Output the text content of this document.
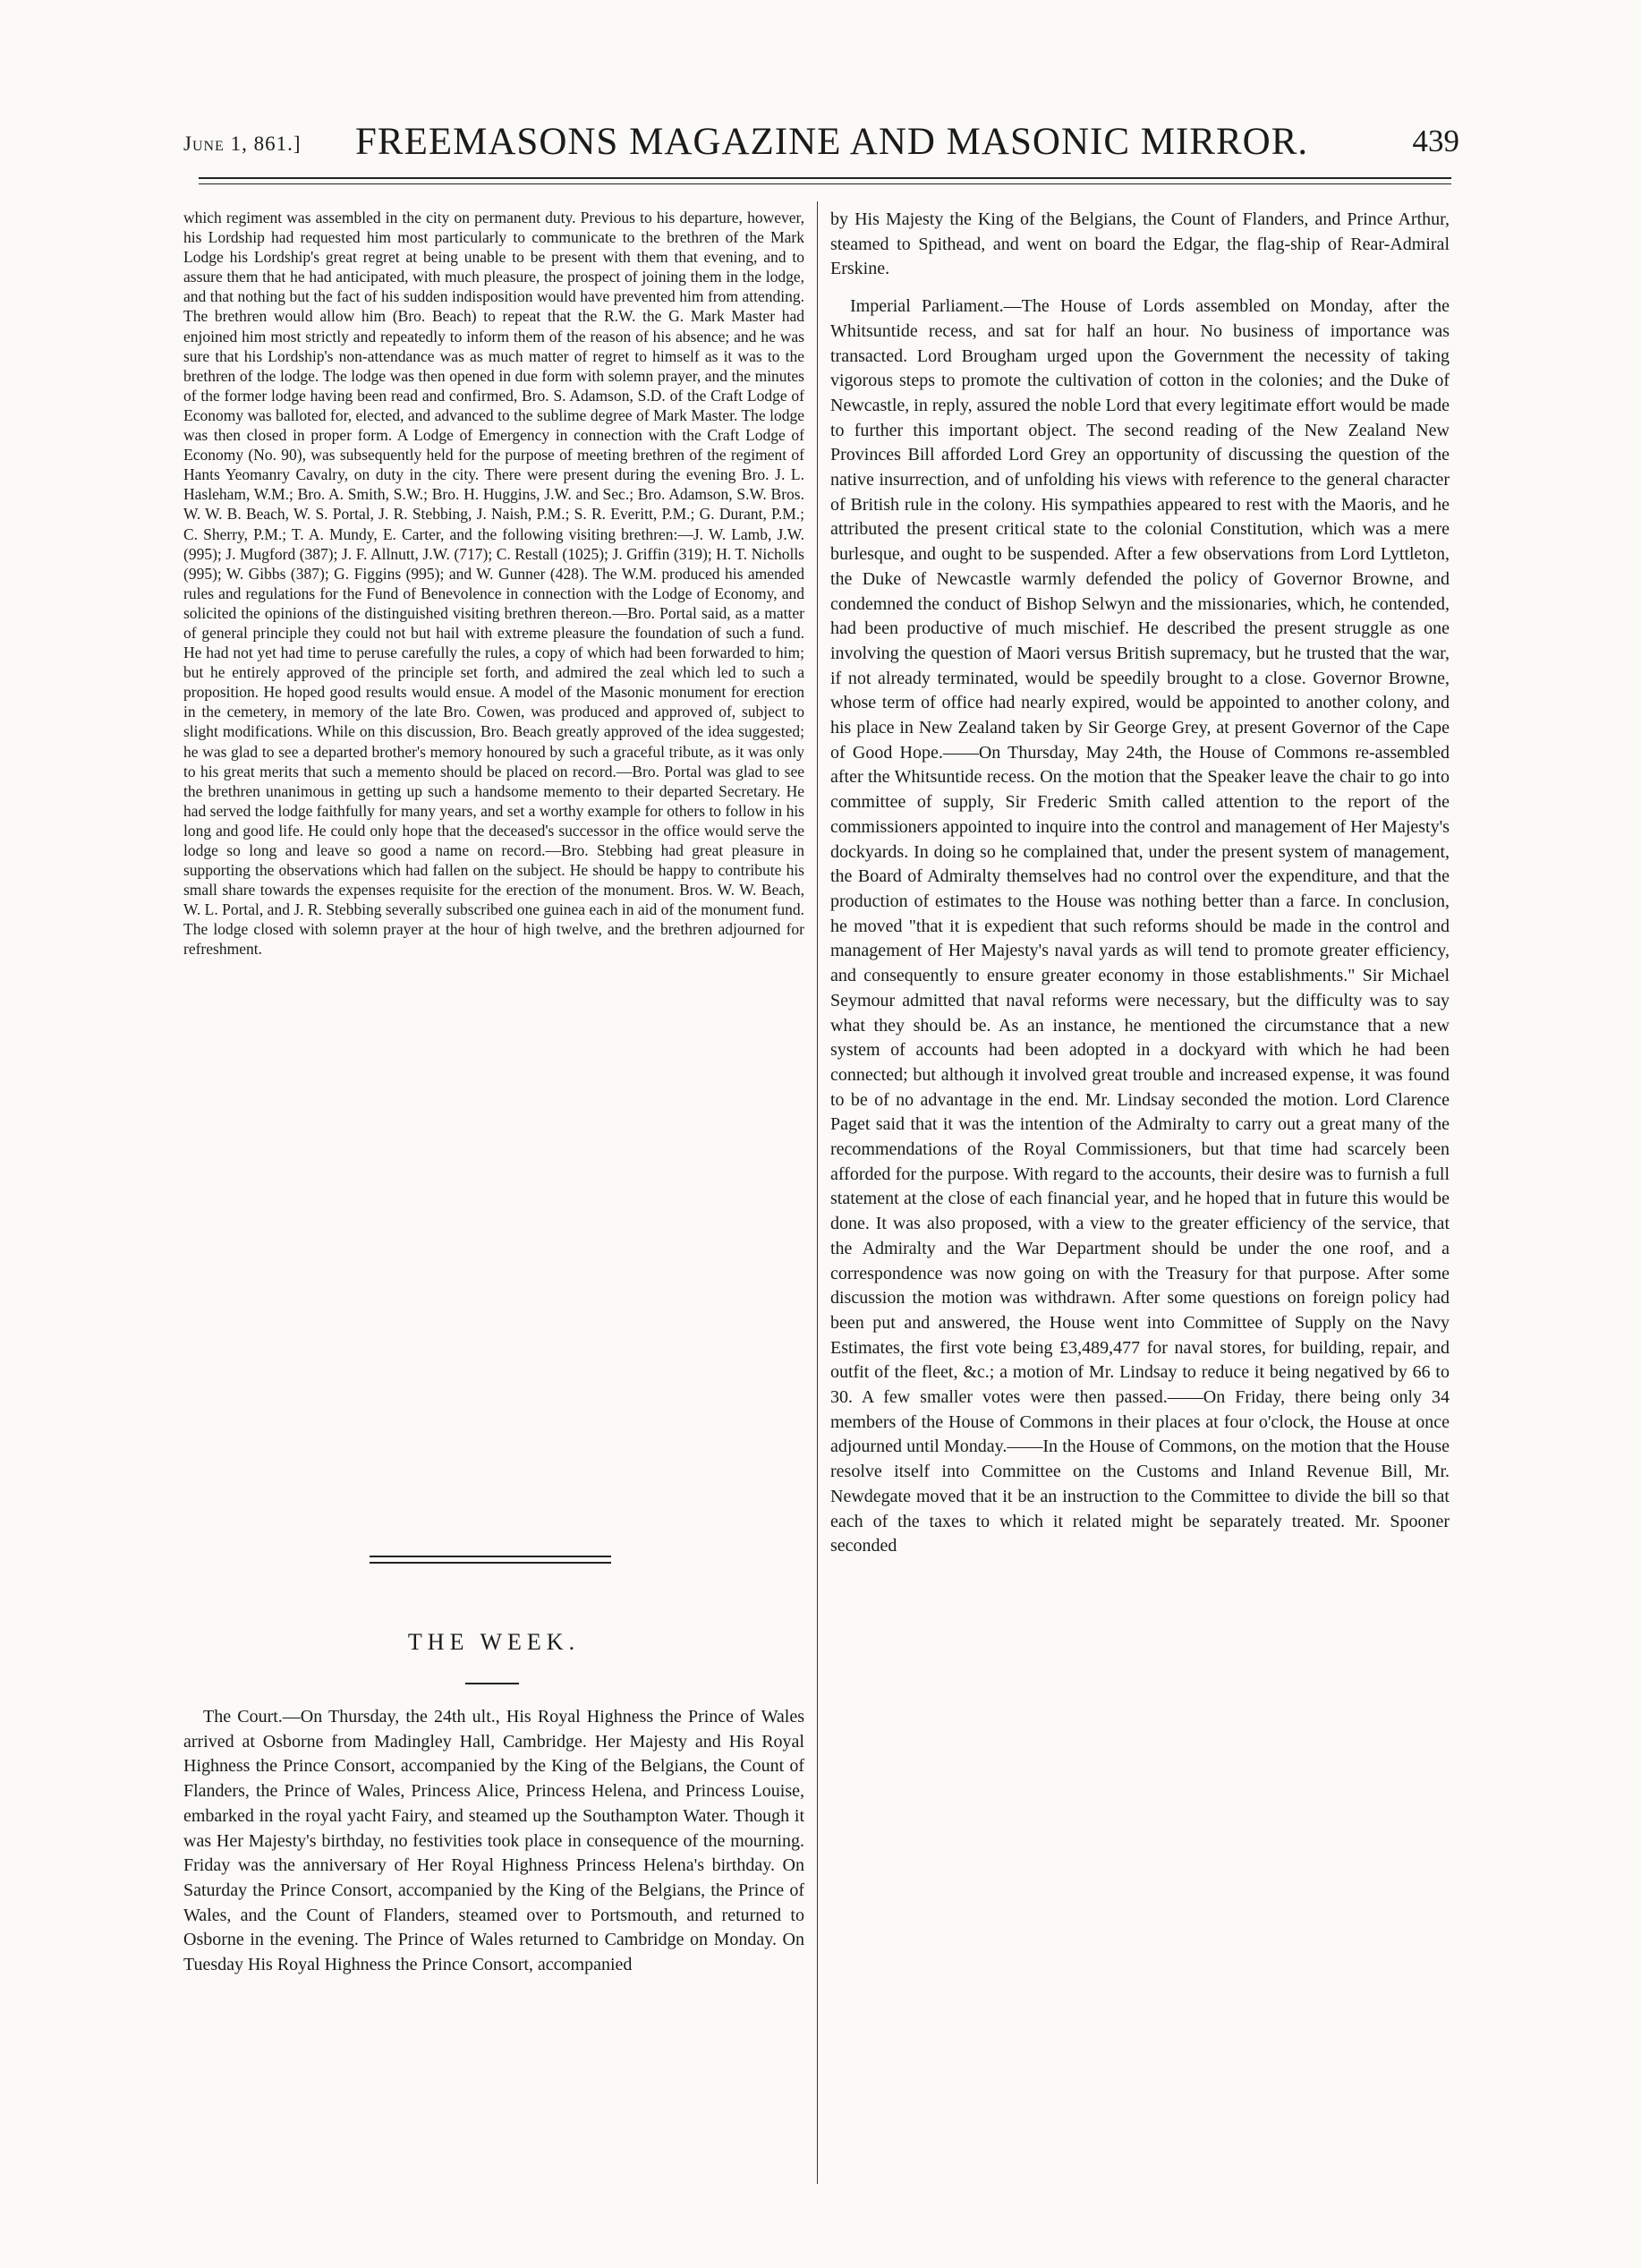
June 1, 861.] FREEMASONS MAGAZINE AND MASONIC MIRROR.	439

which regiment was assembled in the city on permanent duty. Previous to his departure, however, his Lordship had requested him most particularly to communicate to the brethren of the Mark Lodge his Lordship's great regret at being unable to be present with them that evening, and to assure them that he had anticipated, with much pleasure, the prospect of joining them in the lodge, and that nothing but the fact of his sudden indisposition would have prevented him from attending. The brethren would allow him (Bro. Beach) to repeat that the R.W. the G. Mark Master had enjoined him most strictly and repeatedly to inform them of the reason of his absence; and he was sure that his Lordship's non-attendance was as much matter of regret to himself as it was to the brethren of the lodge. The lodge was then opened in due form with solemn prayer, and the minutes of the former lodge having been read and confirmed, Bro. S. Adamson, S.D. of the Craft Lodge of Economy was balloted for, elected, and advanced to the sublime degree of Mark Master. The lodge was then closed in proper form. A Lodge of Emergency in connection with the Craft Lodge of Economy (No. 90), was subsequently held for the purpose of meeting brethren of the regiment of Hants Yeomanry Cavalry, on duty in the city. There were present during the evening Bro. J. L. Hasleham, W.M.; Bro. A. Smith, S.W.; Bro. H. Huggins, J.W. and Sec.; Bro. Adamson, S.W. Bros. W. W. B. Beach, W. S. Portal, J. R. Stebbing, J. Naish, P.M.; S. R. Everitt, P.M.; G. Durant, P.M.; C. Sherry, P.M.; T. A. Mundy, E. Carter, and the following visiting brethren:—J. W. Lamb, J.W. (995); J. Mugford (387); J. F. Allnutt, J.W. (717); C. Restall (1025); J. Griffin (319); H. T. Nicholls (995); W. Gibbs (387); G. Figgins (995); and W. Gunner (428). The W.M. produced his amended rules and regulations for the Fund of Benevolence in connection with the Lodge of Economy, and solicited the opinions of the distinguished visiting brethren thereon.—Bro. Portal said, as a matter of general principle they could not but hail with extreme pleasure the foundation of such a fund. He had not yet had time to peruse carefully the rules, a copy of which had been forwarded to him; but he entirely approved of the principle set forth, and admired the zeal which led to such a proposition. He hoped good results would ensue. A model of the Masonic monument for erection in the cemetery, in memory of the late Bro. Cowen, was produced and approved of, subject to slight modifications. While on this discussion, Bro. Beach greatly approved of the idea suggested; he was glad to see a departed brother's memory honoured by such a graceful tribute, as it was only to his great merits that such a memento should be placed on record.—Bro. Portal was glad to see the brethren unanimous in getting up such a handsome memento to their departed Secretary. He had served the lodge faithfully for many years, and set a worthy example for others to follow in his long and good life. He could only hope that the deceased's successor in the office would serve the lodge so long and leave so good a name on record.—Bro. Stebbing had great pleasure in supporting the observations which had fallen on the subject. He should be happy to contribute his small share towards the expenses requisite for the erection of the monument. Bros. W. W. Beach, W. L. Portal, and J. R. Stebbing severally subscribed one guinea each in aid of the monument fund. The lodge closed with solemn prayer at the hour of high twelve, and the brethren adjourned for refreshment.

THE WEEK.

The Court.—On Thursday, the 24th ult., His Royal Highness the Prince of Wales arrived at Osborne from Madingley Hall, Cambridge. Her Majesty and His Royal Highness the Prince Consort, accompanied by the King of the Belgians, the Count of Flanders, the Prince of Wales, Princess Alice, Princess Helena, and Princess Louise, embarked in the royal yacht Fairy, and steamed up the Southampton Water. Though it was Her Majesty's birthday, no festivities took place in consequence of the mourning. Friday was the anniversary of Her Royal Highness Princess Helena's birthday. On Saturday the Prince Consort, accompanied by the King of the Belgians, the Prince of Wales, and the Count of Flanders, steamed over to Portsmouth, and returned to Osborne in the evening. The Prince of Wales returned to Cambridge on Monday. On Tuesday His Royal Highness the Prince Consort, accompanied

by His Majesty the King of the Belgians, the Count of Flanders, and Prince Arthur, steamed to Spithead, and went on board the Edgar, the flag-ship of Rear-Admiral Erskine.

Imperial Parliament.—The House of Lords assembled on Monday, after the Whitsuntide recess, and sat for half an hour. No business of importance was transacted. Lord Brougham urged upon the Government the necessity of taking vigorous steps to promote the cultivation of cotton in the colonies; and the Duke of Newcastle, in reply, assured the noble Lord that every legitimate effort would be made to further this important object. The second reading of the New Zealand New Provinces Bill afforded Lord Grey an opportunity of discussing the question of the native insurrection, and of unfolding his views with reference to the general character of British rule in the colony. His sympathies appeared to rest with the Maoris, and he attributed the present critical state to the colonial Constitution, which was a mere burlesque, and ought to be suspended. After a few observations from Lord Lyttleton, the Duke of Newcastle warmly defended the policy of Governor Browne, and condemned the conduct of Bishop Selwyn and the missionaries, which, he contended, had been productive of much mischief. He described the present struggle as one involving the question of Maori versus British supremacy, but he trusted that the war, if not already terminated, would be speedily brought to a close. Governor Browne, whose term of office had nearly expired, would be appointed to another colony, and his place in New Zealand taken by Sir George Grey, at present Governor of the Cape of Good Hope.——On Thursday, May 24th, the House of Commons re-assembled after the Whitsuntide recess. On the motion that the Speaker leave the chair to go into committee of supply, Sir Frederic Smith called attention to the report of the commissioners appointed to inquire into the control and management of Her Majesty's dockyards. In doing so he complained that, under the present system of management, the Board of Admiralty themselves had no control over the expenditure, and that the production of estimates to the House was nothing better than a farce. In conclusion, he moved "that it is expedient that such reforms should be made in the control and management of Her Majesty's naval yards as will tend to promote greater efficiency, and consequently to ensure greater economy in those establishments." Sir Michael Seymour admitted that naval reforms were necessary, but the difficulty was to say what they should be. As an instance, he mentioned the circumstance that a new system of accounts had been adopted in a dockyard with which he had been connected; but although it involved great trouble and increased expense, it was found to be of no advantage in the end. Mr. Lindsay seconded the motion. Lord Clarence Paget said that it was the intention of the Admiralty to carry out a great many of the recommendations of the Royal Commissioners, but that time had scarcely been afforded for the purpose. With regard to the accounts, their desire was to furnish a full statement at the close of each financial year, and he hoped that in future this would be done. It was also proposed, with a view to the greater efficiency of the service, that the Admiralty and the War Department should be under the one roof, and a correspondence was now going on with the Treasury for that purpose. After some discussion the motion was withdrawn. After some questions on foreign policy had been put and answered, the House went into Committee of Supply on the Navy Estimates, the first vote being £3,489,477 for naval stores, for building, repair, and outfit of the fleet, &c.; a motion of Mr. Lindsay to reduce it being negatived by 66 to 30. A few smaller votes were then passed.——On Friday, there being only 34 members of the House of Commons in their places at four o'clock, the House at once adjourned until Monday.——In the House of Commons, on the motion that the House resolve itself into Committee on the Customs and Inland Revenue Bill, Mr. Newdegate moved that it be an instruction to the Committee to divide the bill so that each of the taxes to which it related might be separately treated. Mr. Spooner seconded
